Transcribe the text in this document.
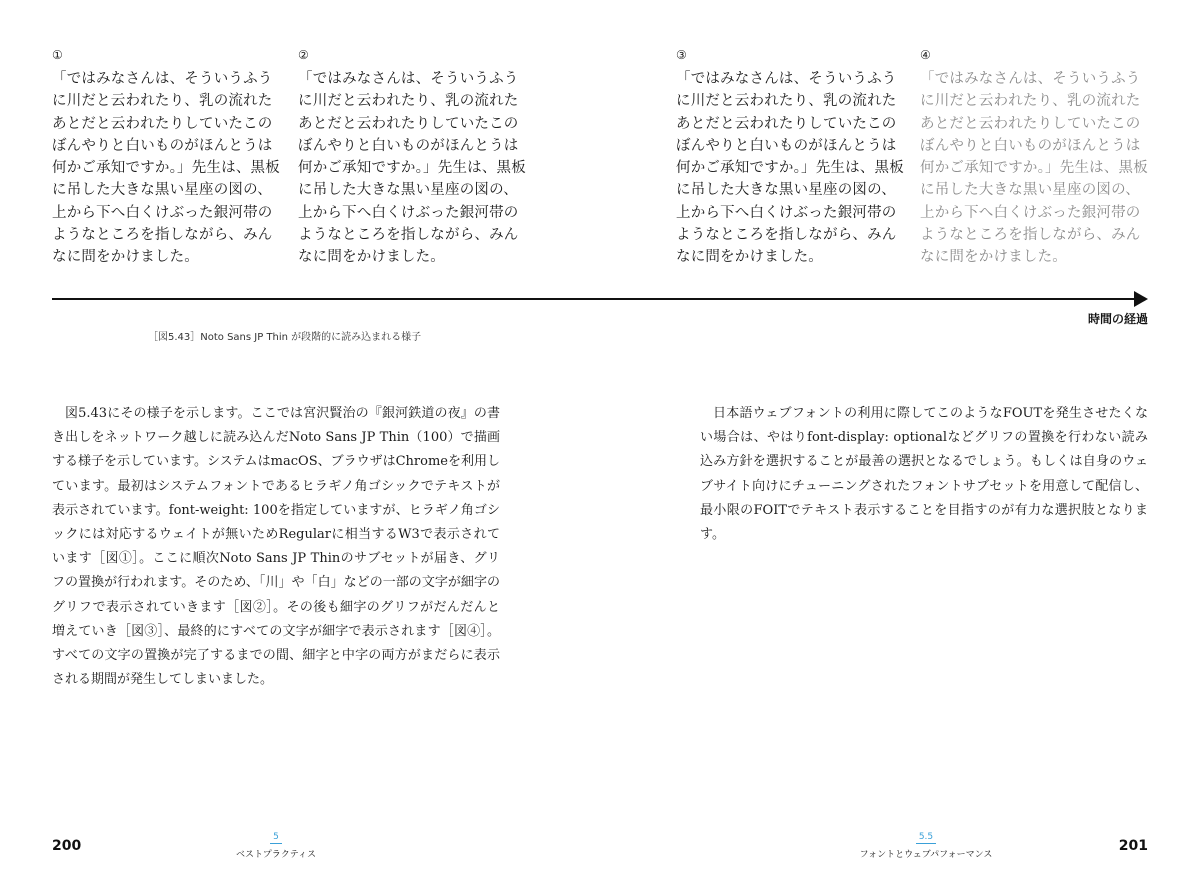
①
「ではみなさんは、そういうふう
に川だと云われたり、乳の流れた
あとだと云われたりしていたこの
ぼんやりと白いものがほんとうは
何かご承知ですか。」先生は、黒板
に吊した大きな黒い星座の図の、
上から下へ白くけぶった銀河帯の
ようなところを指しながら、みん
なに問をかけました。
②
「ではみなさんは、そういうふう
に川だと云われたり、乳の流れた
あとだと云われたりしていたこの
ぼんやりと白いものがほんとうは
何かご承知ですか。」先生は、黒板
に吊した大きな黒い星座の図の、
上から下へ白くけぶった銀河帯の
ようなところを指しながら、みん
なに問をかけました。
③
「ではみなさんは、そういうふう
に川だと云われたり、乳の流れた
あとだと云われたりしていたこの
ぼんやりと白いものがほんとうは
何かご承知ですか。」先生は、黒板
に吊した大きな黒い星座の図の、
上から下へ白くけぶった銀河帯の
ようなところを指しながら、みん
なに問をかけました。
④
「ではみなさんは、そういうふう
に川だと云われたり、乳の流れた
あとだと云われたりしていたこの
ぼんやりと白いものがほんとうは
何かご承知ですか。」先生は、黒板
に吊した大きな黒い星座の図の、
上から下へ白くけぶった銀河帯の
ようなところを指しながら、みん
なに問をかけました。
時間の経過
［図5.43］Noto Sans JP Thin が段階的に読み込まれる様子

図5.43にその様子を示します。ここでは宮沢賢治の『銀河鉄道の夜』の書き出しをネットワーク越しに読み込んだNoto Sans JP Thin（100）で描画する様子を示しています。システムはmacOS、ブラウザはChromeを利用しています。最初はシステムフォントであるヒラギノ角ゴシックでテキストが表示されています。font-weight: 100を指定していますが、ヒラギノ角ゴシックには対応するウェイトが無いためRegularに相当するW3で表示されています［図①］。ここに順次Noto Sans JP Thinのサブセットが届き、グリフの置換が行われます。そのため、「川」や「白」などの一部の文字が細字のグリフで表示されていきます［図②］。その後も細字のグリフがだんだんと増えていき［図③］、最終的にすべての文字が細字で表示されます［図④］。すべての文字の置換が完了するまでの間、細字と中字の両方がまだらに表示される期間が発生してしまいました。

日本語ウェブフォントの利用に際してこのようなFOUTを発生させたくない場合は、やはりfont-display: optionalなどグリフの置換を行わない読み込み方針を選択することが最善の選択となるでしょう。もしくは自身のウェブサイト向けにチューニングされたフォントサブセットを用意して配信し、最小限のFOITでテキスト表示することを目指すのが有力な選択肢となります。

200
5
ベストプラクティス
5.5
フォントとウェブパフォーマンス
201
